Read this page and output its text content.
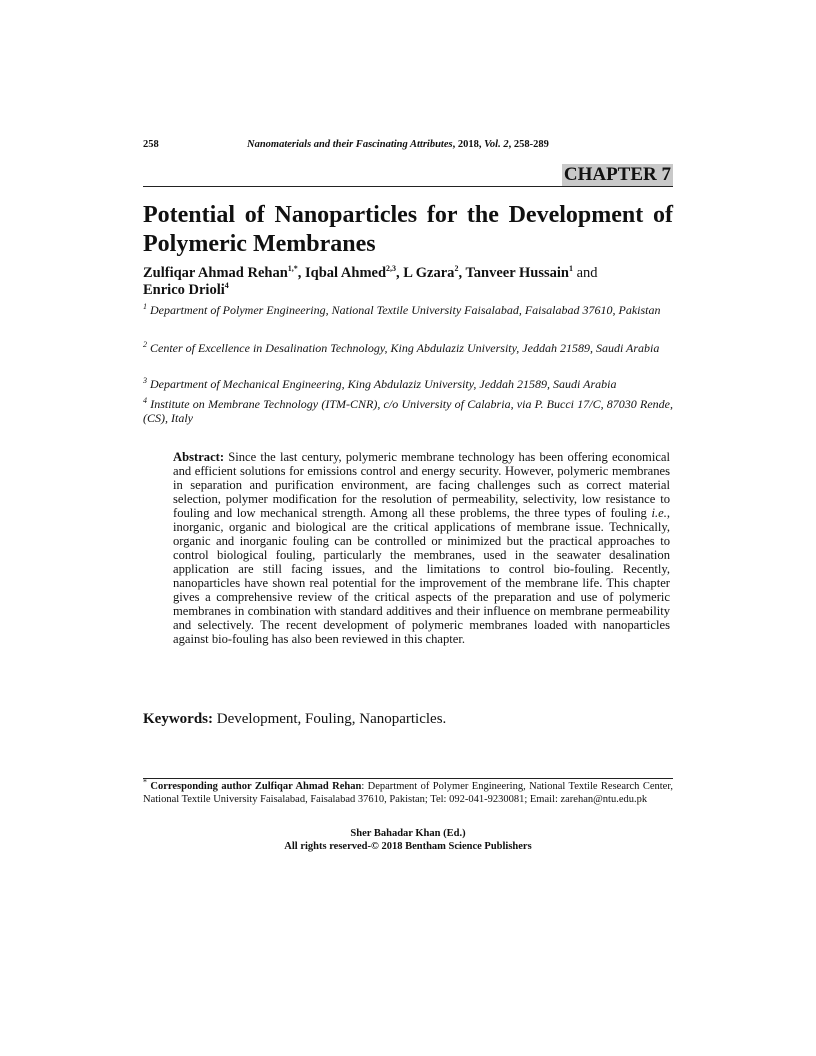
258	Nanomaterials and their Fascinating Attributes, 2018, Vol. 2, 258-289
CHAPTER 7
Potential of Nanoparticles for the Development of Polymeric Membranes
Zulfiqar Ahmad Rehan$^{1,*}$, Iqbal Ahmed$^{2,3}$, L Gzara$^2$, Tanveer Hussain$^1$ and
Enrico Drioli$^4$
$^1$ Department of Polymer Engineering, National Textile University Faisalabad, Faisalabad 37610, Pakistan
$^2$ Center of Excellence in Desalination Technology, King Abdulaziz University, Jeddah 21589, Saudi Arabia
$^3$ Department of Mechanical Engineering, King Abdulaziz University, Jeddah 21589, Saudi Arabia
$^4$ Institute on Membrane Technology (ITM-CNR), c/o University of Calabria, via P. Bucci 17/C, 87030 Rende, (CS), Italy
Abstract: Since the last century, polymeric membrane technology has been offering economical and efficient solutions for emissions control and energy security. However, polymeric membranes in separation and purification environment, are facing challenges such as correct material selection, polymer modification for the resolution of permeability, selectivity, low resistance to fouling and low mechanical strength. Among all these problems, the three types of fouling i.e., inorganic, organic and biological are the critical applications of membrane issue. Technically, organic and inorganic fouling can be controlled or minimized but the practical approaches to control biological fouling, particularly the membranes, used in the seawater desalination application are still facing issues, and the limitations to control bio-fouling. Recently, nanoparticles have shown real potential for the improvement of the membrane life. This chapter gives a comprehensive review of the critical aspects of the preparation and use of polymeric membranes in combination with standard additives and their influence on membrane permeability and selectively. The recent development of polymeric membranes loaded with nanoparticles against bio-fouling has also been reviewed in this chapter.
Keywords: Development, Fouling, Nanoparticles.
* Corresponding author Zulfiqar Ahmad Rehan: Department of Polymer Engineering, National Textile Research Center, National Textile University Faisalabad, Faisalabad 37610, Pakistan; Tel: 092-041-9230081; Email: zarehan@ntu.edu.pk
Sher Bahadar Khan (Ed.)
All rights reserved-© 2018 Bentham Science Publishers
